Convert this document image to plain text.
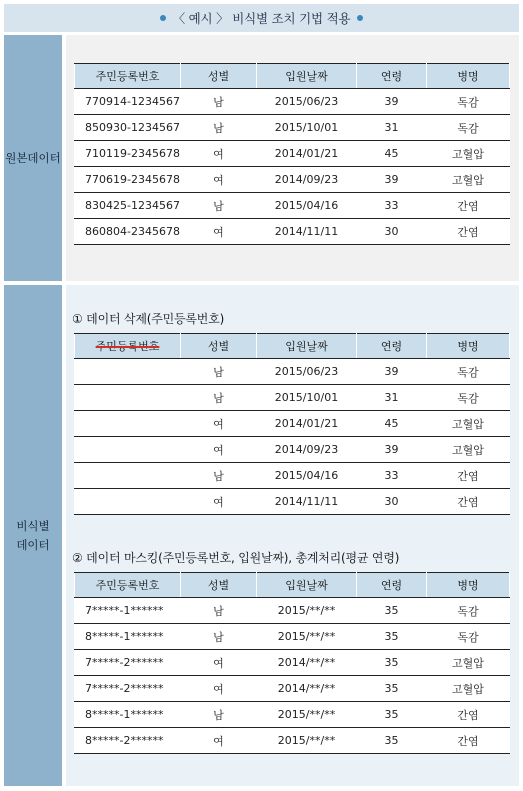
〈 예시 〉 비식별 조치 기법 적용
원본데이터
비식별
데이터
주민등록번호	성별	입원날짜	연령	병명
770914-1234567	남	2015/06/23	39	독감
850930-1234567	남	2015/10/01	31	독감
710119-2345678	여	2014/01/21	45	고혈압
770619-2345678	여	2014/09/23	39	고혈압
830425-1234567	남	2015/04/16	33	간염
860804-2345678	여	2014/11/11	30	간염
① 데이터 삭제(주민등록번호)
주민등록번호	성별	입원날짜	연령	병명
	남	2015/06/23	39	독감
	남	2015/10/01	31	독감
	여	2014/01/21	45	고혈압
	여	2014/09/23	39	고혈압
	남	2015/04/16	33	간염
	여	2014/11/11	30	간염
② 데이터 마스킹(주민등록번호, 입원날짜), 총계처리(평균 연령)
주민등록번호	성별	입원날짜	연령	병명
7*****-1******	남	2015/**/**	35	독감
8*****-1******	남	2015/**/**	35	독감
7*****-2******	여	2014/**/**	35	고혈압
7*****-2******	여	2014/**/**	35	고혈압
8*****-1******	남	2015/**/**	35	간염
8*****-2******	여	2015/**/**	35	간염
